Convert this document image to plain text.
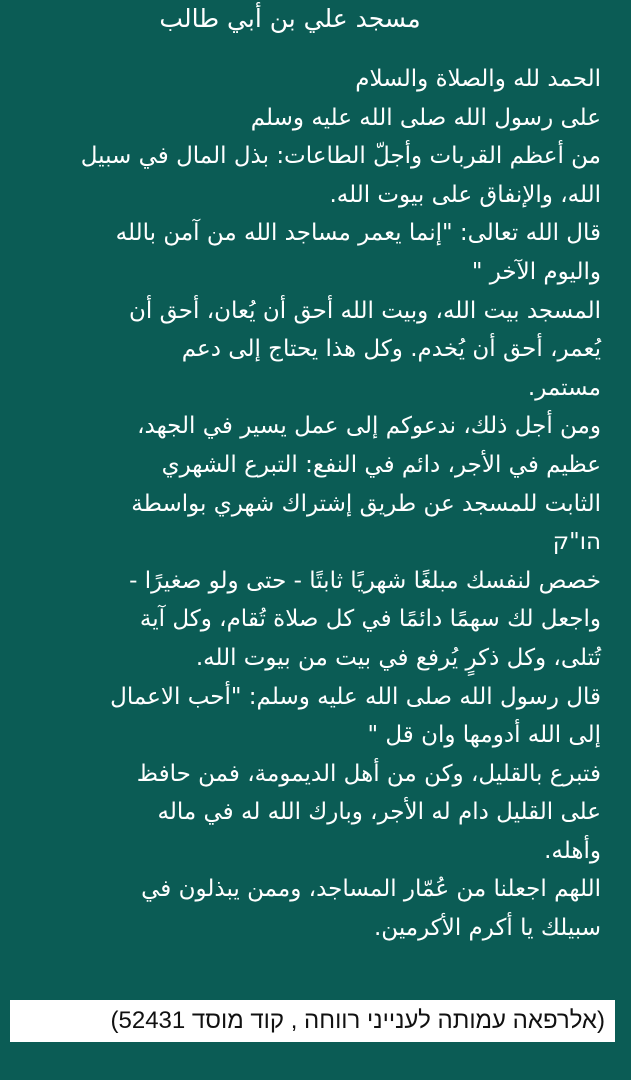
مسجد علي بن أبي طالب
الحمد لله والصلاة والسلام
على رسول الله صلى الله عليه وسلم
من أعظم القربات وأجلّ الطاعات: بذل المال في سبيل
الله، والإنفاق على بيوت الله.
قال الله تعالى: "إنما يعمر مساجد الله من آمن بالله
واليوم الآخر "
المسجد بيت الله، وبيت الله أحق أن يُعان، أحق أن
يُعمر، أحق أن يُخدم. وكل هذا يحتاج إلى دعم
مستمر.
ومن أجل ذلك، ندعوكم إلى عمل يسير في الجهد،
عظيم في الأجر، دائم في النفع: التبرع الشهري
الثابت للمسجد عن طريق إشتراك شهري بواسطة
הו"ק
خصص لنفسك مبلغًا شهريًا ثابتًا - حتى ولو صغيرًا -
واجعل لك سهمًا دائمًا في كل صلاة تُقام، وكل آية
تُتلى، وكل ذكرٍ يُرفع في بيت من بيوت الله.
قال رسول الله صلى الله عليه وسلم: "أحب الاعمال
إلى الله أدومها وان قل "
فتبرع بالقليل، وكن من أهل الديمومة، فمن حافظ
على القليل دام له الأجر، وبارك الله له في ماله
وأهله.
اللهم اجعلنا من عُمّار المساجد، وممن يبذلون في
سبيلك يا أكرم الأكرمين.
(אלרפאה עמותה לענייני רווחה , קוד מוסד 52431)
